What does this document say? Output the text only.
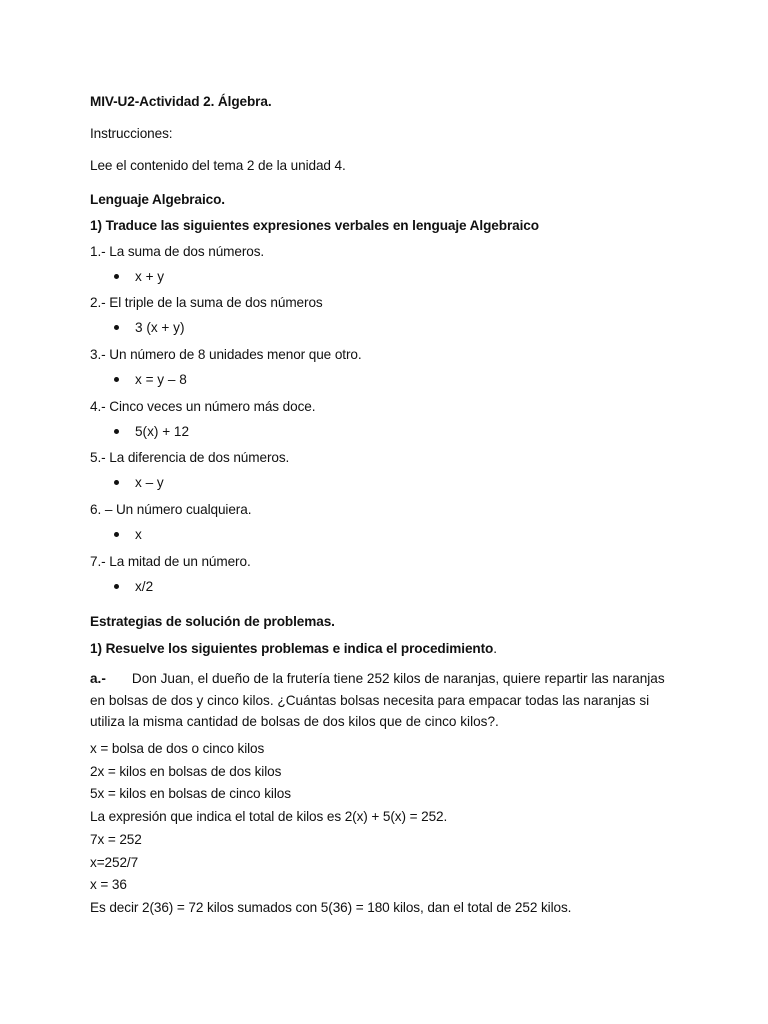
MIV-U2-Actividad 2. Álgebra.
Instrucciones:
Lee el contenido del tema 2 de la unidad 4.
Lenguaje Algebraico.
1) Traduce las siguientes expresiones verbales en lenguaje Algebraico
1.- La suma de dos números.
x + y
2.- El triple de la suma de dos números
3 (x + y)
3.- Un número de 8 unidades menor que otro.
x = y – 8
4.- Cinco veces un número más doce.
5(x) + 12
5.- La diferencia de dos números.
x – y
6. – Un número cualquiera.
x
7.- La mitad de un número.
x/2
Estrategias de solución de problemas.
1) Resuelve los siguientes problemas e indica el procedimiento.
a.- Don Juan, el dueño de la frutería tiene 252 kilos de naranjas, quiere repartir las naranjas en bolsas de dos y cinco kilos. ¿Cuántas bolsas necesita para empacar todas las naranjas si utiliza la misma cantidad de bolsas de dos kilos que de cinco kilos?.
x = bolsa de dos o cinco kilos
2x = kilos en bolsas de dos kilos
5x = kilos en bolsas de cinco kilos
La expresión que indica el total de kilos es 2(x) + 5(x) = 252.
7x = 252
x=252/7
x = 36
Es decir 2(36) = 72 kilos sumados con 5(36) = 180 kilos, dan el total de 252 kilos.
